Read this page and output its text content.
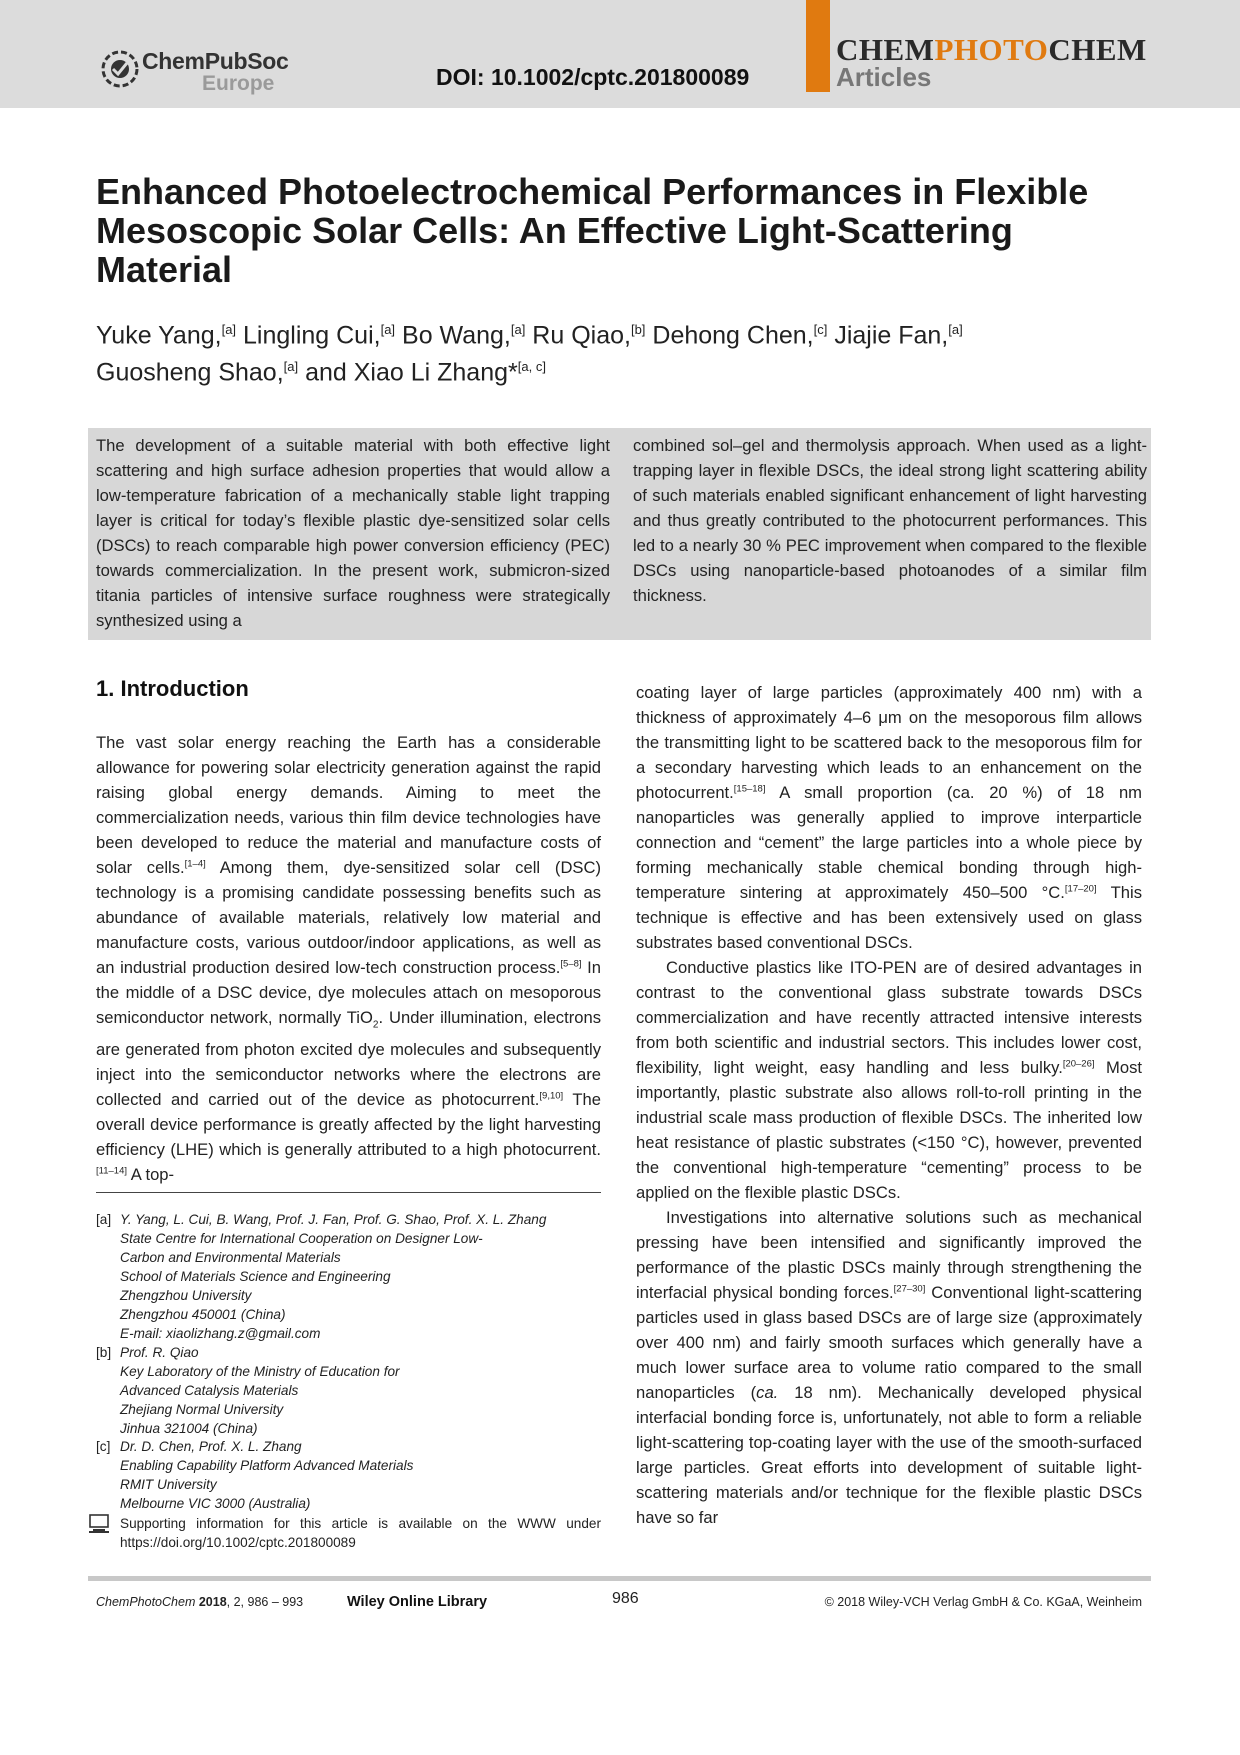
ChemPubSoc
Europe	DOI: 10.1002/cptc.201800089
CHEMPHOTOCHEM
Articles
Enhanced Photoelectrochemical Performances in Flexible Mesoscopic Solar Cells: An Effective Light-Scattering Material
Yuke Yang,[a] Lingling Cui,[a] Bo Wang,[a] Ru Qiao,[b] Dehong Chen,[c] Jiajie Fan,[a]
Guosheng Shao,[a] and Xiao Li Zhang*[a, c]
The development of a suitable material with both effective light scattering and high surface adhesion properties that would allow a low-temperature fabrication of a mechanically stable light trapping layer is critical for today’s flexible plastic dye-sensitized solar cells (DSCs) to reach comparable high power conversion efficiency (PEC) towards commercialization. In the present work, submicron-sized titania particles of intensive surface roughness were strategically synthesized using a
combined sol–gel and thermolysis approach. When used as a light-trapping layer in flexible DSCs, the ideal strong light scattering ability of such materials enabled significant enhancement of light harvesting and thus greatly contributed to the photocurrent performances. This led to a nearly 30 % PEC improvement when compared to the flexible DSCs using nanoparticle-based photoanodes of a similar film thickness.
1. Introduction

The vast solar energy reaching the Earth has a considerable allowance for powering solar electricity generation against the rapid raising global energy demands. Aiming to meet the commercialization needs, various thin film device technologies have been developed to reduce the material and manufacture costs of solar cells.[1–4] Among them, dye-sensitized solar cell (DSC) technology is a promising candidate possessing benefits such as abundance of available materials, relatively low material and manufacture costs, various outdoor/indoor applications, as well as an industrial production desired low-tech construction process.[5–8] In the middle of a DSC device, dye molecules attach on mesoporous semiconductor network, normally TiO$_2$. Under illumination, electrons are generated from photon excited dye molecules and subsequently inject into the semiconductor networks where the electrons are collected and carried out of the device as photocurrent.[9,10] The overall device performance is greatly affected by the light harvesting efficiency (LHE) which is generally attributed to a high photocurrent.[11–14] A top-

coating layer of large particles (approximately 400 nm) with a thickness of approximately 4–6 μm on the mesoporous film allows the transmitting light to be scattered back to the mesoporous film for a secondary harvesting which leads to an enhancement on the photocurrent.[15–18] A small proportion (ca. 20 %) of 18 nm nanoparticles was generally applied to improve interparticle connection and “cement” the large particles into a whole piece by forming mechanically stable chemical bonding through high-temperature sintering at approximately 450–500 °C.[17–20] This technique is effective and has been extensively used on glass substrates based conventional DSCs.

Conductive plastics like ITO-PEN are of desired advantages in contrast to the conventional glass substrate towards DSCs commercialization and have recently attracted intensive interests from both scientific and industrial sectors. This includes lower cost, flexibility, light weight, easy handling and less bulky.[20–26] Most importantly, plastic substrate also allows roll-to-roll printing in the industrial scale mass production of flexible DSCs. The inherited low heat resistance of plastic substrates (<150 °C), however, prevented the conventional high-temperature “cementing” process to be applied on the flexible plastic DSCs.

Investigations into alternative solutions such as mechanical pressing have been intensified and significantly improved the performance of the plastic DSCs mainly through strengthening the interfacial physical bonding forces.[27–30] Conventional light-scattering particles used in glass based DSCs are of large size (approximately over 400 nm) and fairly smooth surfaces which generally have a much lower surface area to volume ratio compared to the small nanoparticles (ca. 18 nm). Mechanically developed physical interfacial bonding force is, unfortunately, not able to form a reliable light-scattering top-coating layer with the use of the smooth-surfaced large particles. Great efforts into development of suitable light-scattering materials and/or technique for the flexible plastic DSCs have so far

[a] Y. Yang, L. Cui, B. Wang, Prof. J. Fan, Prof. G. Shao, Prof. X. L. Zhang
State Centre for International Cooperation on Designer Low-
Carbon and Environmental Materials
School of Materials Science and Engineering
Zhengzhou University
Zhengzhou 450001 (China)
E-mail: xiaolizhang.z@gmail.com
[b] Prof. R. Qiao
Key Laboratory of the Ministry of Education for
Advanced Catalysis Materials
Zhejiang Normal University
Jinhua 321004 (China)
[c] Dr. D. Chen, Prof. X. L. Zhang
Enabling Capability Platform Advanced Materials
RMIT University
Melbourne VIC 3000 (Australia)
Supporting information for this article is available on the WWW under https://doi.org/10.1002/cptc.201800089
ChemPhotoChem 2018, 2, 986 – 993	Wiley Online Library	986	© 2018 Wiley-VCH Verlag GmbH & Co. KGaA, Weinheim
